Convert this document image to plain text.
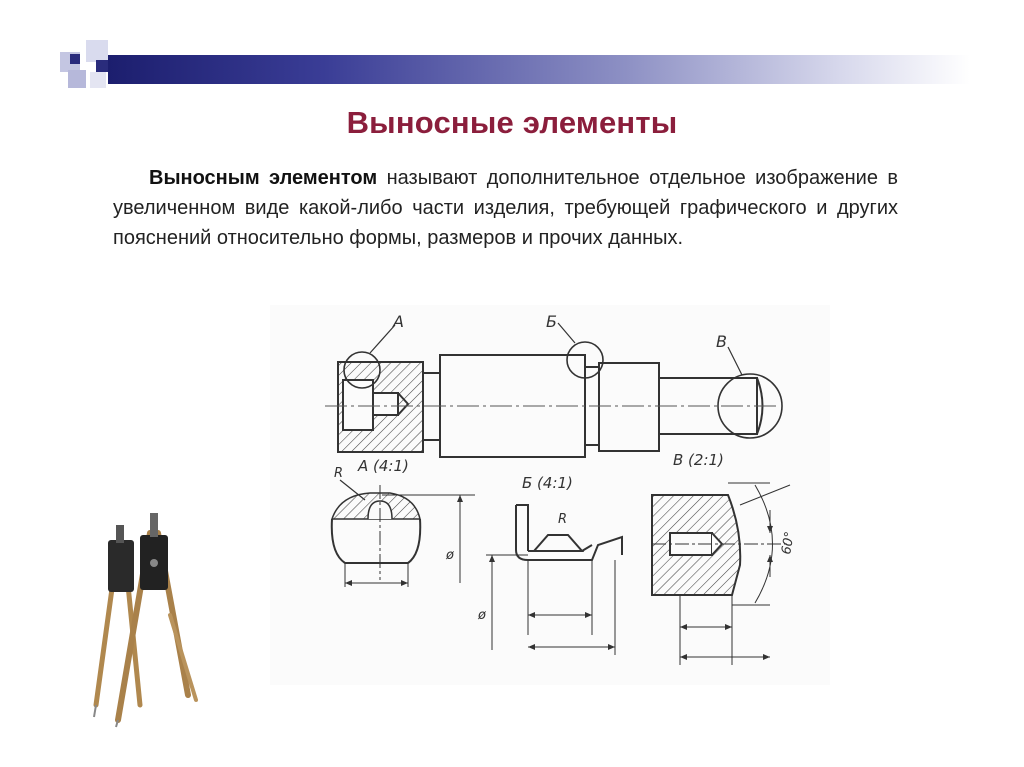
Выносные элементы
Выносным элементом называют дополнительное отдельное изображение в увеличенном виде какой-либо части изделия, требующей графического и других пояснений относительно формы, размеров и прочих данных.
А	Б
В
А (4:1)
R
ø
Б (4:1)
R
ø
В (2:1)
60°
